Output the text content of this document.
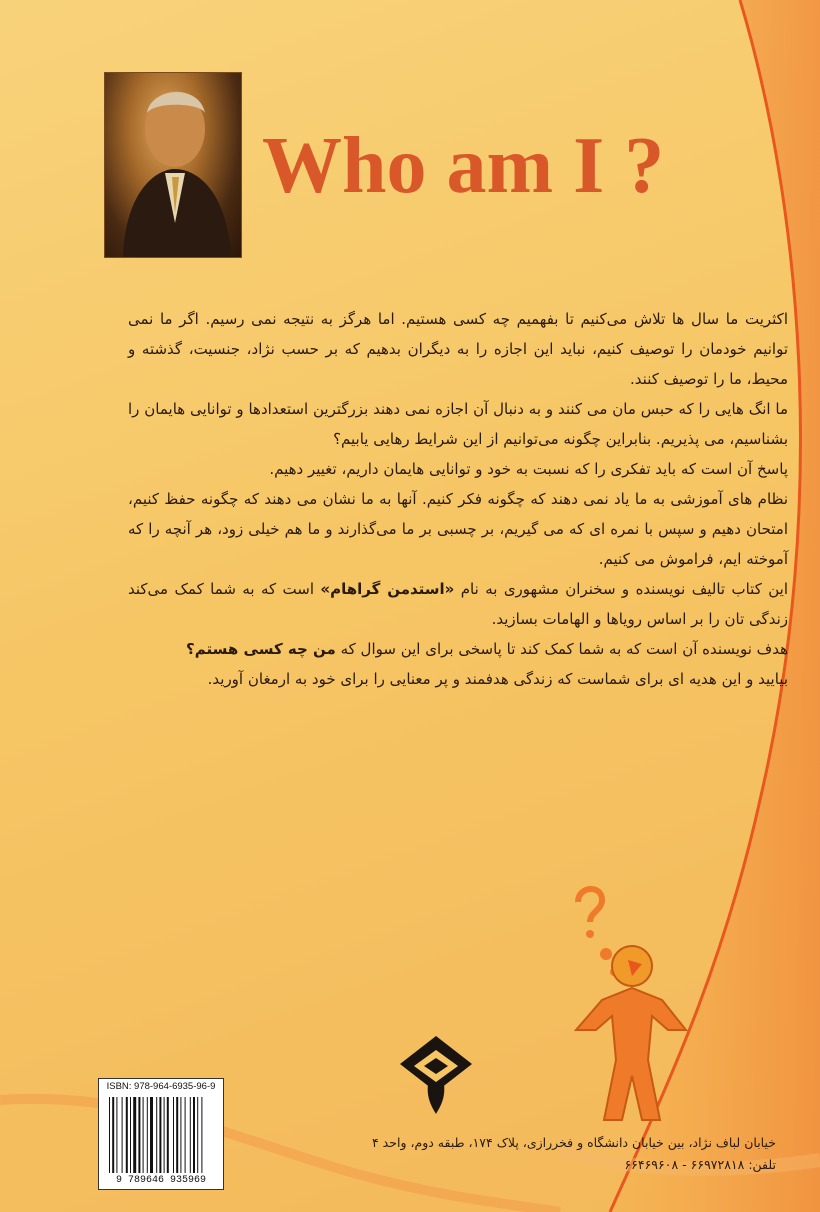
Who am I ?

اکثریت ما سال ها تلاش می‌کنیم تا بفهمیم چه کسی هستیم. اما هرگز به نتیجه نمی رسیم. اگر ما نمی توانیم خودمان را توصیف کنیم، نباید این اجازه را به دیگران بدهیم که بر حسب نژاد، جنسیت، گذشته و محیط، ما را توصیف کنند.

ما انگ هایی را که حبس مان می کنند و به دنبال آن اجازه نمی دهند بزرگترین استعدادها و توانایی هایمان را بشناسیم، می پذیریم. بنابراین چگونه می‌توانیم از این شرایط رهایی یابیم؟

پاسخ آن است که باید تفکری را که نسبت به خود و توانایی هایمان داریم، تغییر دهیم.

نظام های آموزشی به ما یاد نمی دهند که چگونه فکر کنیم. آنها به ما نشان می دهند که چگونه حفظ کنیم، امتحان دهیم و سپس با نمره ای که می گیریم، بر چسبی بر ما می‌گذارند و ما هم خیلی زود، هر آنچه را که آموخته ایم، فراموش می کنیم.

این کتاب تالیف نویسنده و سخنران مشهوری به نام «استدمن گراهام» است که به شما کمک می‌کند زندگی تان را بر اساس رویاها و الهامات بسازید.

هدف نویسنده آن است که به شما کمک کند تا پاسخی برای این سوال که من چه کسی هستم؟

بیایید و این هدیه ای برای شماست که زندگی هدفمند و پر معنایی را برای خود به ارمغان آورید.

ISBN: 978-964-6935-96-9
9 789646 935969

خیابان لباف نژاد، بین خیابان دانشگاه و فخررازی، پلاک ۱۷۴، طبقه دوم، واحد ۴

تلفن: ۶۶۹۷۲۸۱۸ - ۶۶۴۶۹۶۰۸
